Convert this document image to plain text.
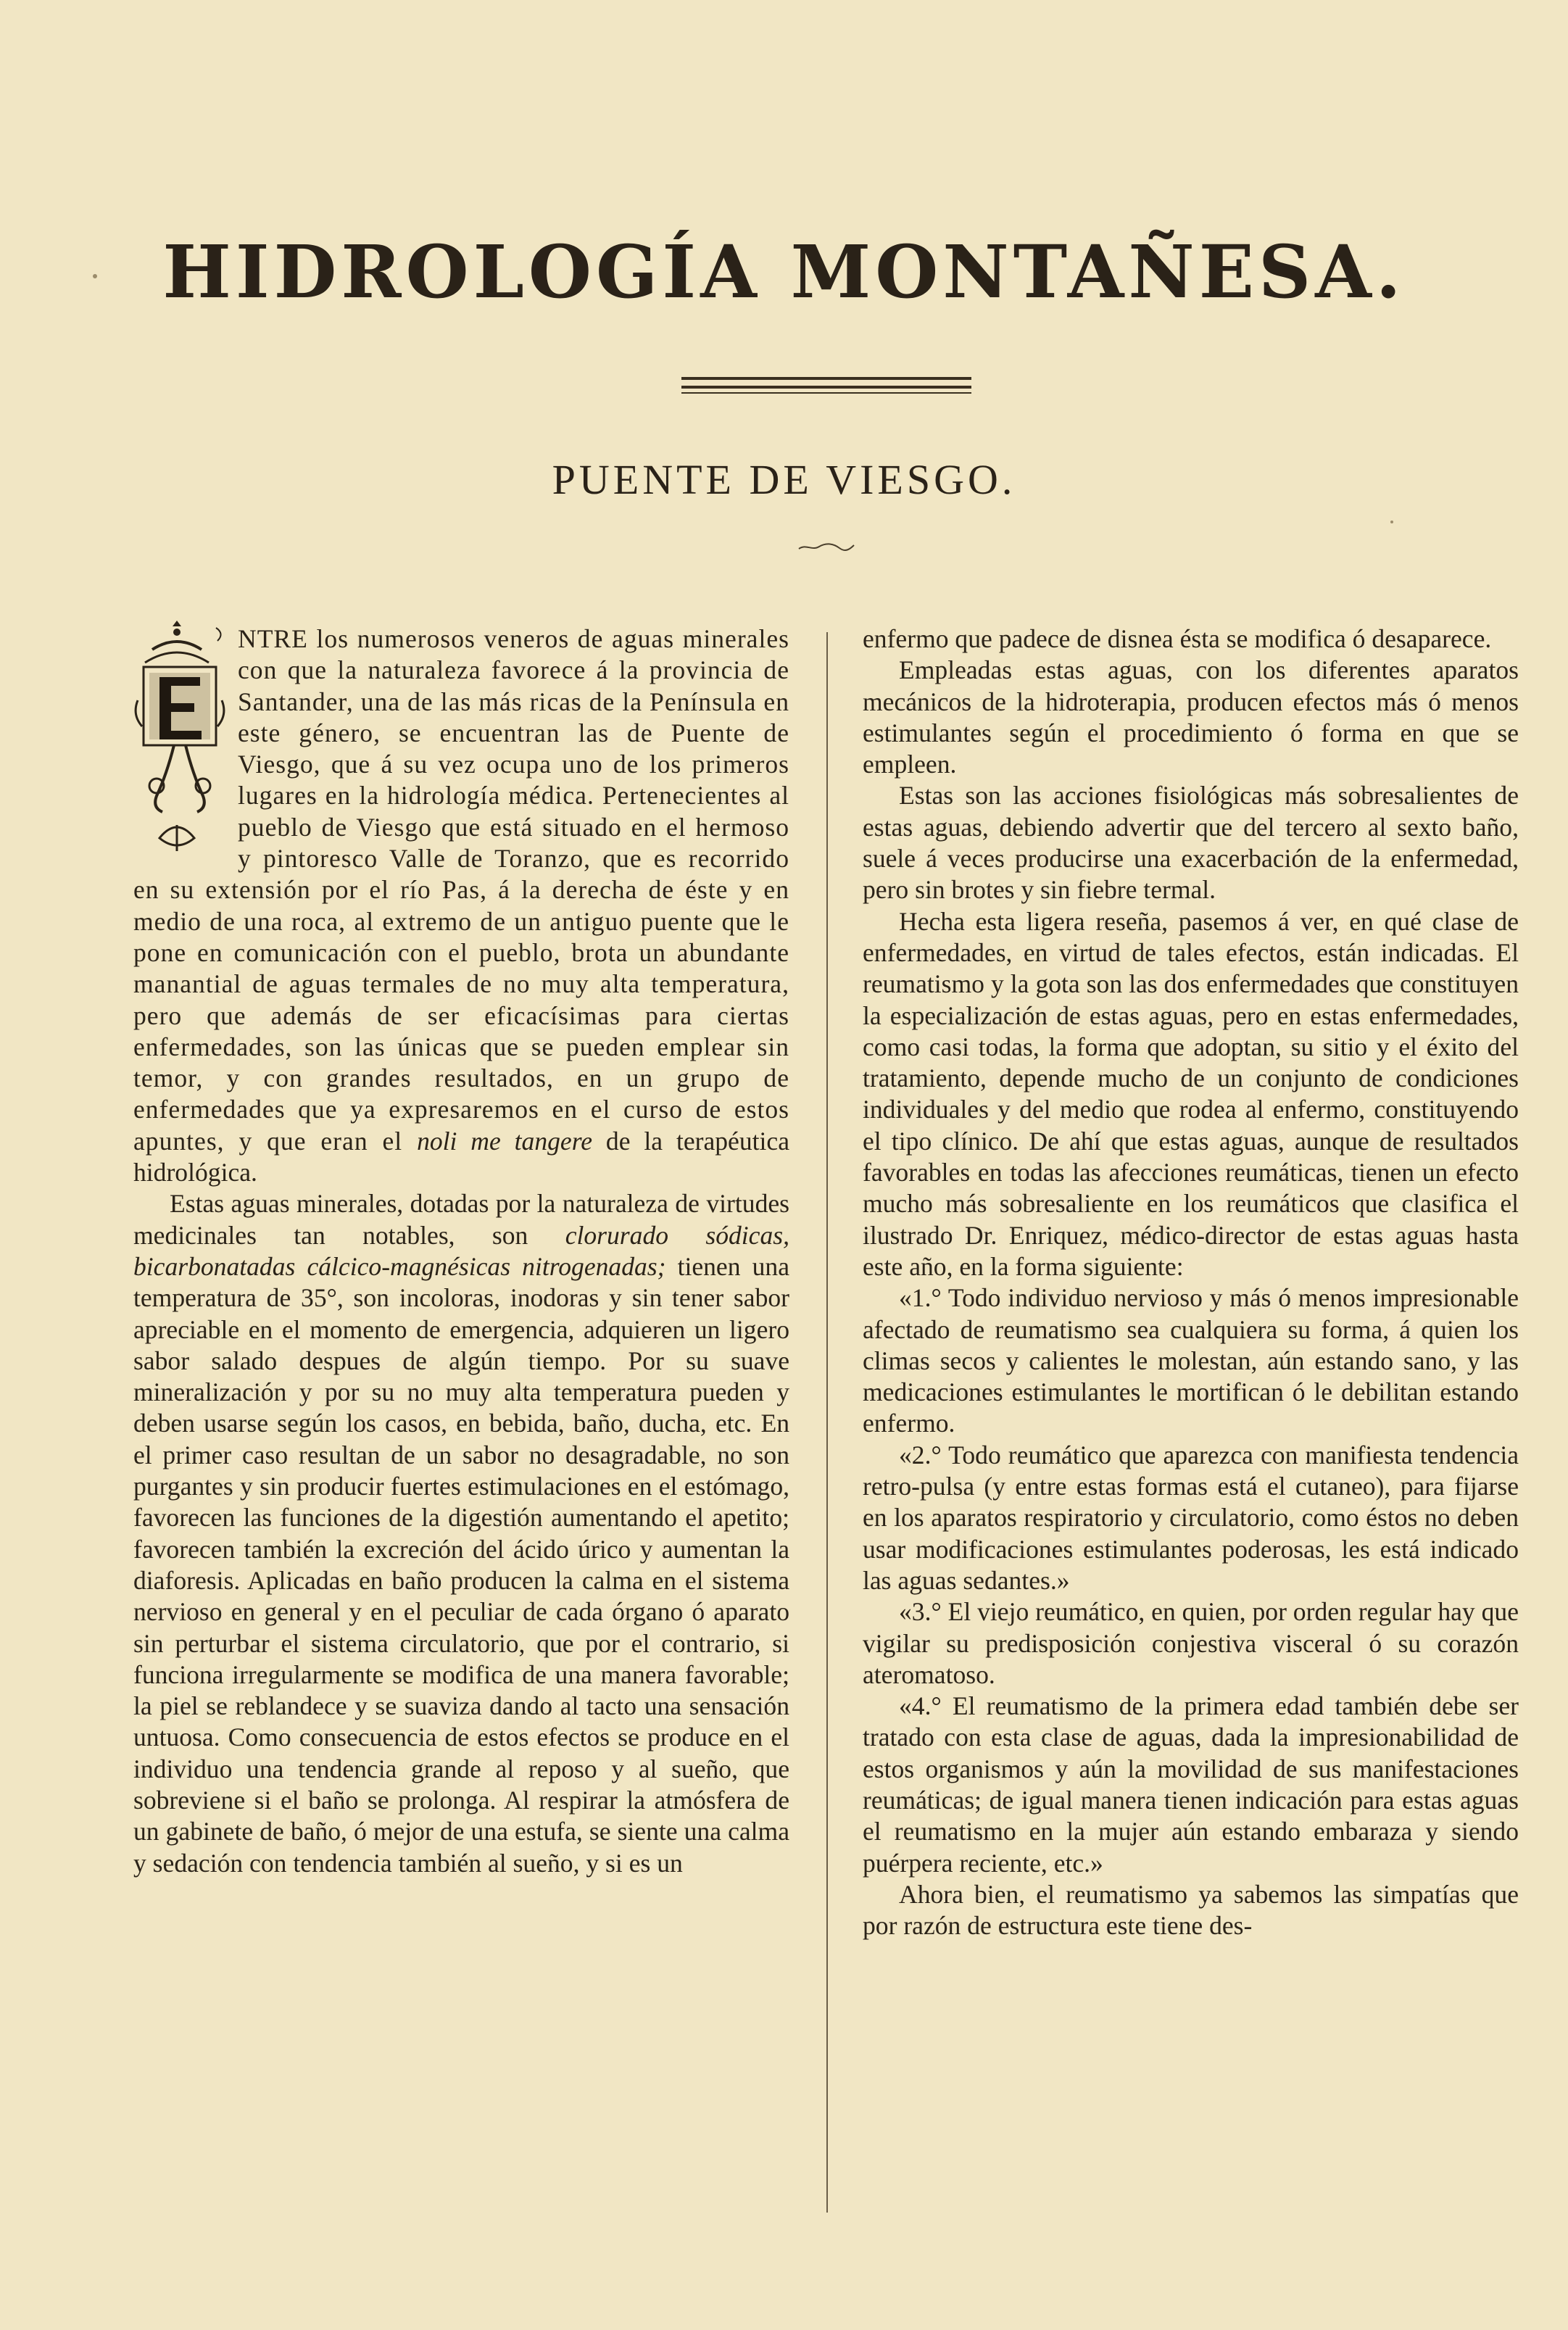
HIDROLOGÍA MONTAÑESA.
PUENTE DE VIESGO.

NTRE los numerosos veneros de aguas minerales con que la naturaleza favorece á la provincia de Santander, una de las más ricas de la Península en este género, se encuentran las de Puente de Viesgo, que á su vez ocupa uno de los primeros lugares en la hidrología médica. Pertenecientes al pueblo de Viesgo que está situado en el hermoso y pintoresco Valle de Toranzo, que es recorrido en su extensión por el río Pas, á la derecha de éste y en medio de una roca, al extremo de un antiguo puente que le pone en comunicación con el pueblo, brota un abundante manantial de aguas termales de no muy alta temperatura, pero que además de ser eficacísimas para ciertas enfermedades, son las únicas que se pueden emplear sin temor, y con grandes resultados, en un grupo de enfermedades que ya expresaremos en el curso de estos apuntes, y que eran el noli me tangere de la terapéutica hidrológica.

Estas aguas minerales, dotadas por la naturaleza de virtudes medicinales tan notables, son clorurado sódicas, bicarbonatadas cálcico-magnésicas nitrogenadas; tienen una temperatura de 35°, son incoloras, inodoras y sin tener sabor apreciable en el momento de emergencia, adquieren un ligero sabor salado despues de algún tiempo. Por su suave mineralización y por su no muy alta temperatura pueden y deben usarse según los casos, en bebida, baño, ducha, etc. En el primer caso resultan de un sabor no desagradable, no son purgantes y sin producir fuertes estimulaciones en el estómago, favorecen las funciones de la digestión aumentando el apetito; favorecen también la excreción del ácido úrico y aumentan la diaforesis. Aplicadas en baño producen la calma en el sistema nervioso en general y en el peculiar de cada órgano ó aparato sin perturbar el sistema circulatorio, que por el contrario, si funciona irregularmente se modifica de una manera favorable; la piel se reblandece y se suaviza dando al tacto una sensación untuosa. Como consecuencia de estos efectos se produce en el individuo una tendencia grande al reposo y al sueño, que sobreviene si el baño se prolonga. Al respirar la atmósfera de un gabinete de baño, ó mejor de una estufa, se siente una calma y sedación con tendencia también al sueño, y si es un

enfermo que padece de disnea ésta se modifica ó desaparece.

Empleadas estas aguas, con los diferentes aparatos mecánicos de la hidroterapia, producen efectos más ó menos estimulantes según el procedimiento ó forma en que se empleen.

Estas son las acciones fisiológicas más sobresalientes de estas aguas, debiendo advertir que del tercero al sexto baño, suele á veces producirse una exacerbación de la enfermedad, pero sin brotes y sin fiebre termal.

Hecha esta ligera reseña, pasemos á ver, en qué clase de enfermedades, en virtud de tales efectos, están indicadas. El reumatismo y la gota son las dos enfermedades que constituyen la especialización de estas aguas, pero en estas enfermedades, como casi todas, la forma que adoptan, su sitio y el éxito del tratamiento, depende mucho de un conjunto de condiciones individuales y del medio que rodea al enfermo, constituyendo el tipo clínico. De ahí que estas aguas, aunque de resultados favorables en todas las afecciones reumáticas, tienen un efecto mucho más sobresaliente en los reumáticos que clasifica el ilustrado Dr. Enriquez, médico-director de estas aguas hasta este año, en la forma siguiente:

«1.° Todo individuo nervioso y más ó menos impresionable afectado de reumatismo sea cualquiera su forma, á quien los climas secos y calientes le molestan, aún estando sano, y las medicaciones estimulantes le mortifican ó le debilitan estando enfermo.

«2.° Todo reumático que aparezca con manifiesta tendencia retro-pulsa (y entre estas formas está el cutaneo), para fijarse en los aparatos respiratorio y circulatorio, como éstos no deben usar modificaciones estimulantes poderosas, les está indicado las aguas sedantes.»

«3.° El viejo reumático, en quien, por orden regular hay que vigilar su predisposición conjestiva visceral ó su corazón ateromatoso.

«4.° El reumatismo de la primera edad también debe ser tratado con esta clase de aguas, dada la impresionabilidad de estos organismos y aún la movilidad de sus manifestaciones reumáticas; de igual manera tienen indicación para estas aguas el reumatismo en la mujer aún estando embaraza y siendo puérpera reciente, etc.»

Ahora bien, el reumatismo ya sabemos las simpatías que por razón de estructura este tiene des-
